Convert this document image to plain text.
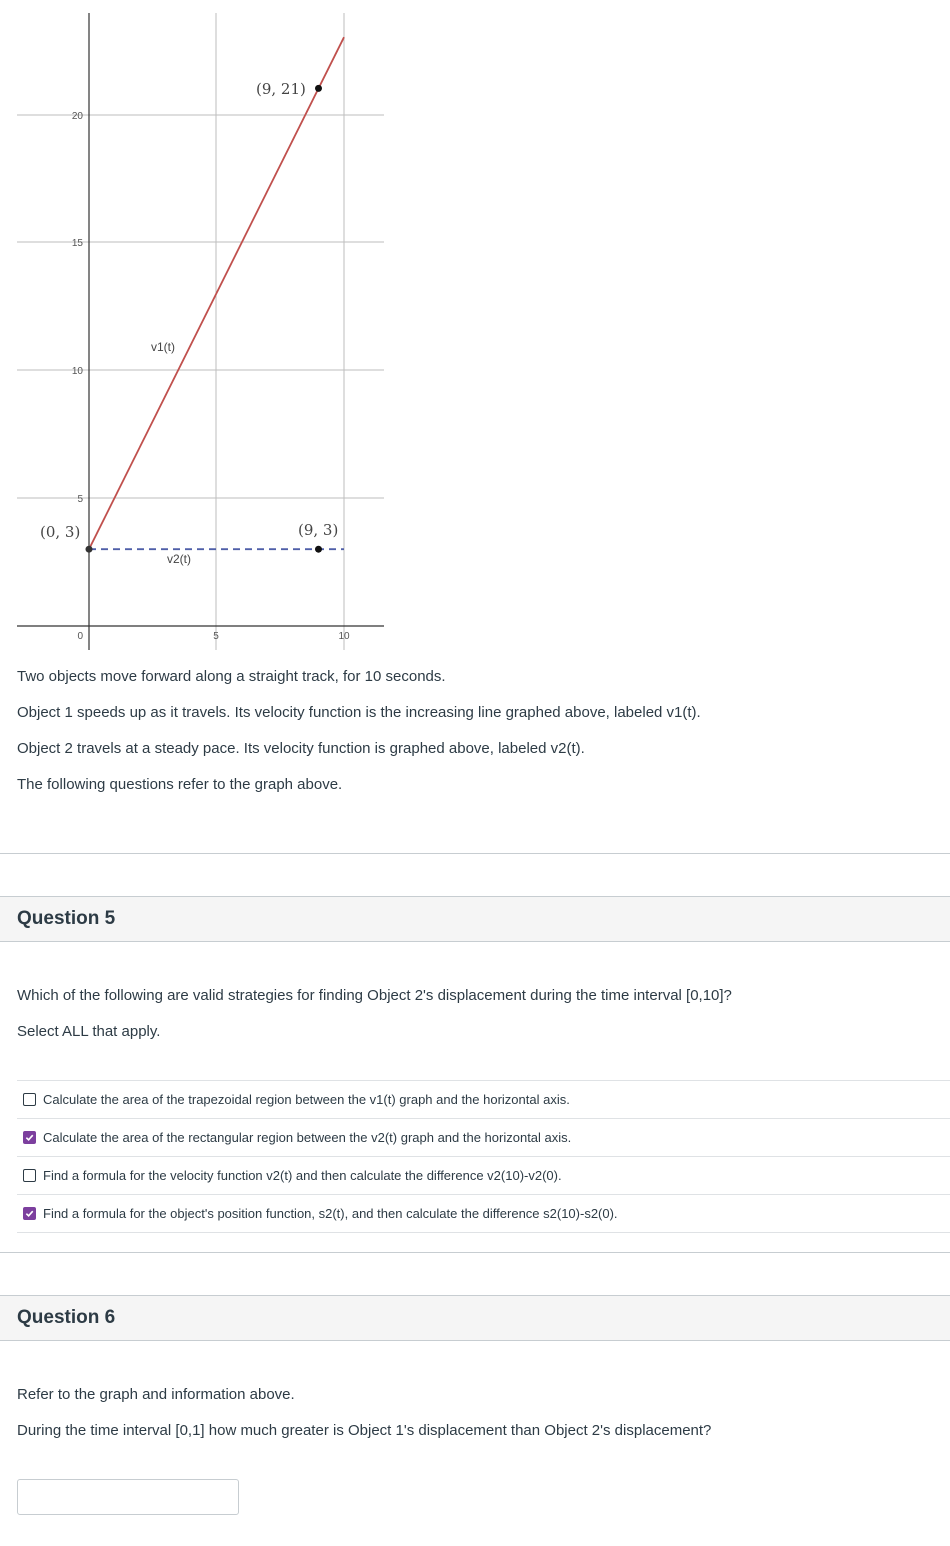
20
15
10
5
0	5	10
(9, 21)
(0, 3)	(9, 3)
v1(t)
v2(t)

Two objects move forward along a straight track, for 10 seconds.

Object 1 speeds up as it travels. Its velocity function is the increasing line graphed above, labeled v1(t).

Object 2 travels at a steady pace. Its velocity function is graphed above, labeled v2(t).

The following questions refer to the graph above.

Question 5

Which of the following are valid strategies for finding Object 2's displacement during the time interval [0,10]?

Select ALL that apply.

Calculate the area of the trapezoidal region between the v1(t) graph and the horizontal axis.
Calculate the area of the rectangular region between the v2(t) graph and the horizontal axis.
Find a formula for the velocity function v2(t) and then calculate the difference v2(10)-v2(0).
Find a formula for the object's position function, s2(t), and then calculate the difference s2(10)-s2(0).
Question 6

Refer to the graph and information above.

During the time interval [0,1] how much greater is Object 1's displacement than Object 2's displacement?
